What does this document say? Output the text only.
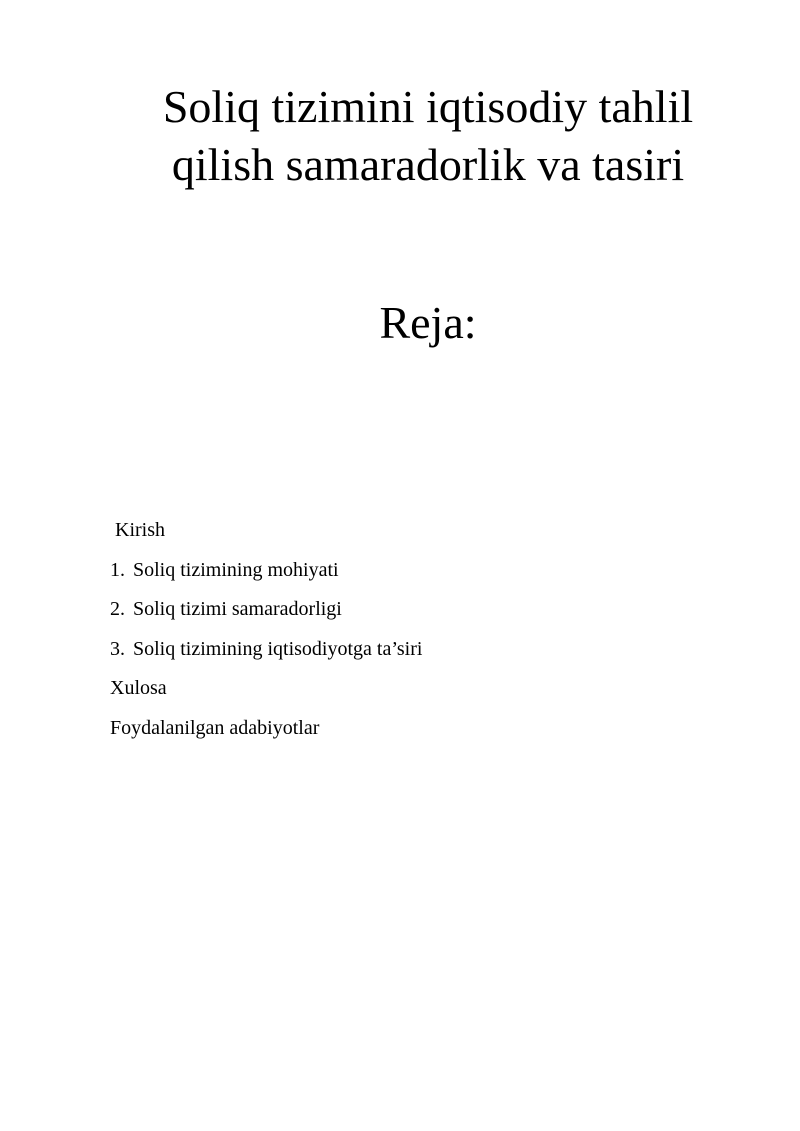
Soliq tizimini iqtisodiy tahlil
qilish samaradorlik va tasiri
Reja:
Kirish
1. Soliq tizimining mohiyati
2. Soliq tizimi samaradorligi
3. Soliq tizimining iqtisodiyotga ta’siri
Xulosa
Foydalanilgan adabiyotlar
